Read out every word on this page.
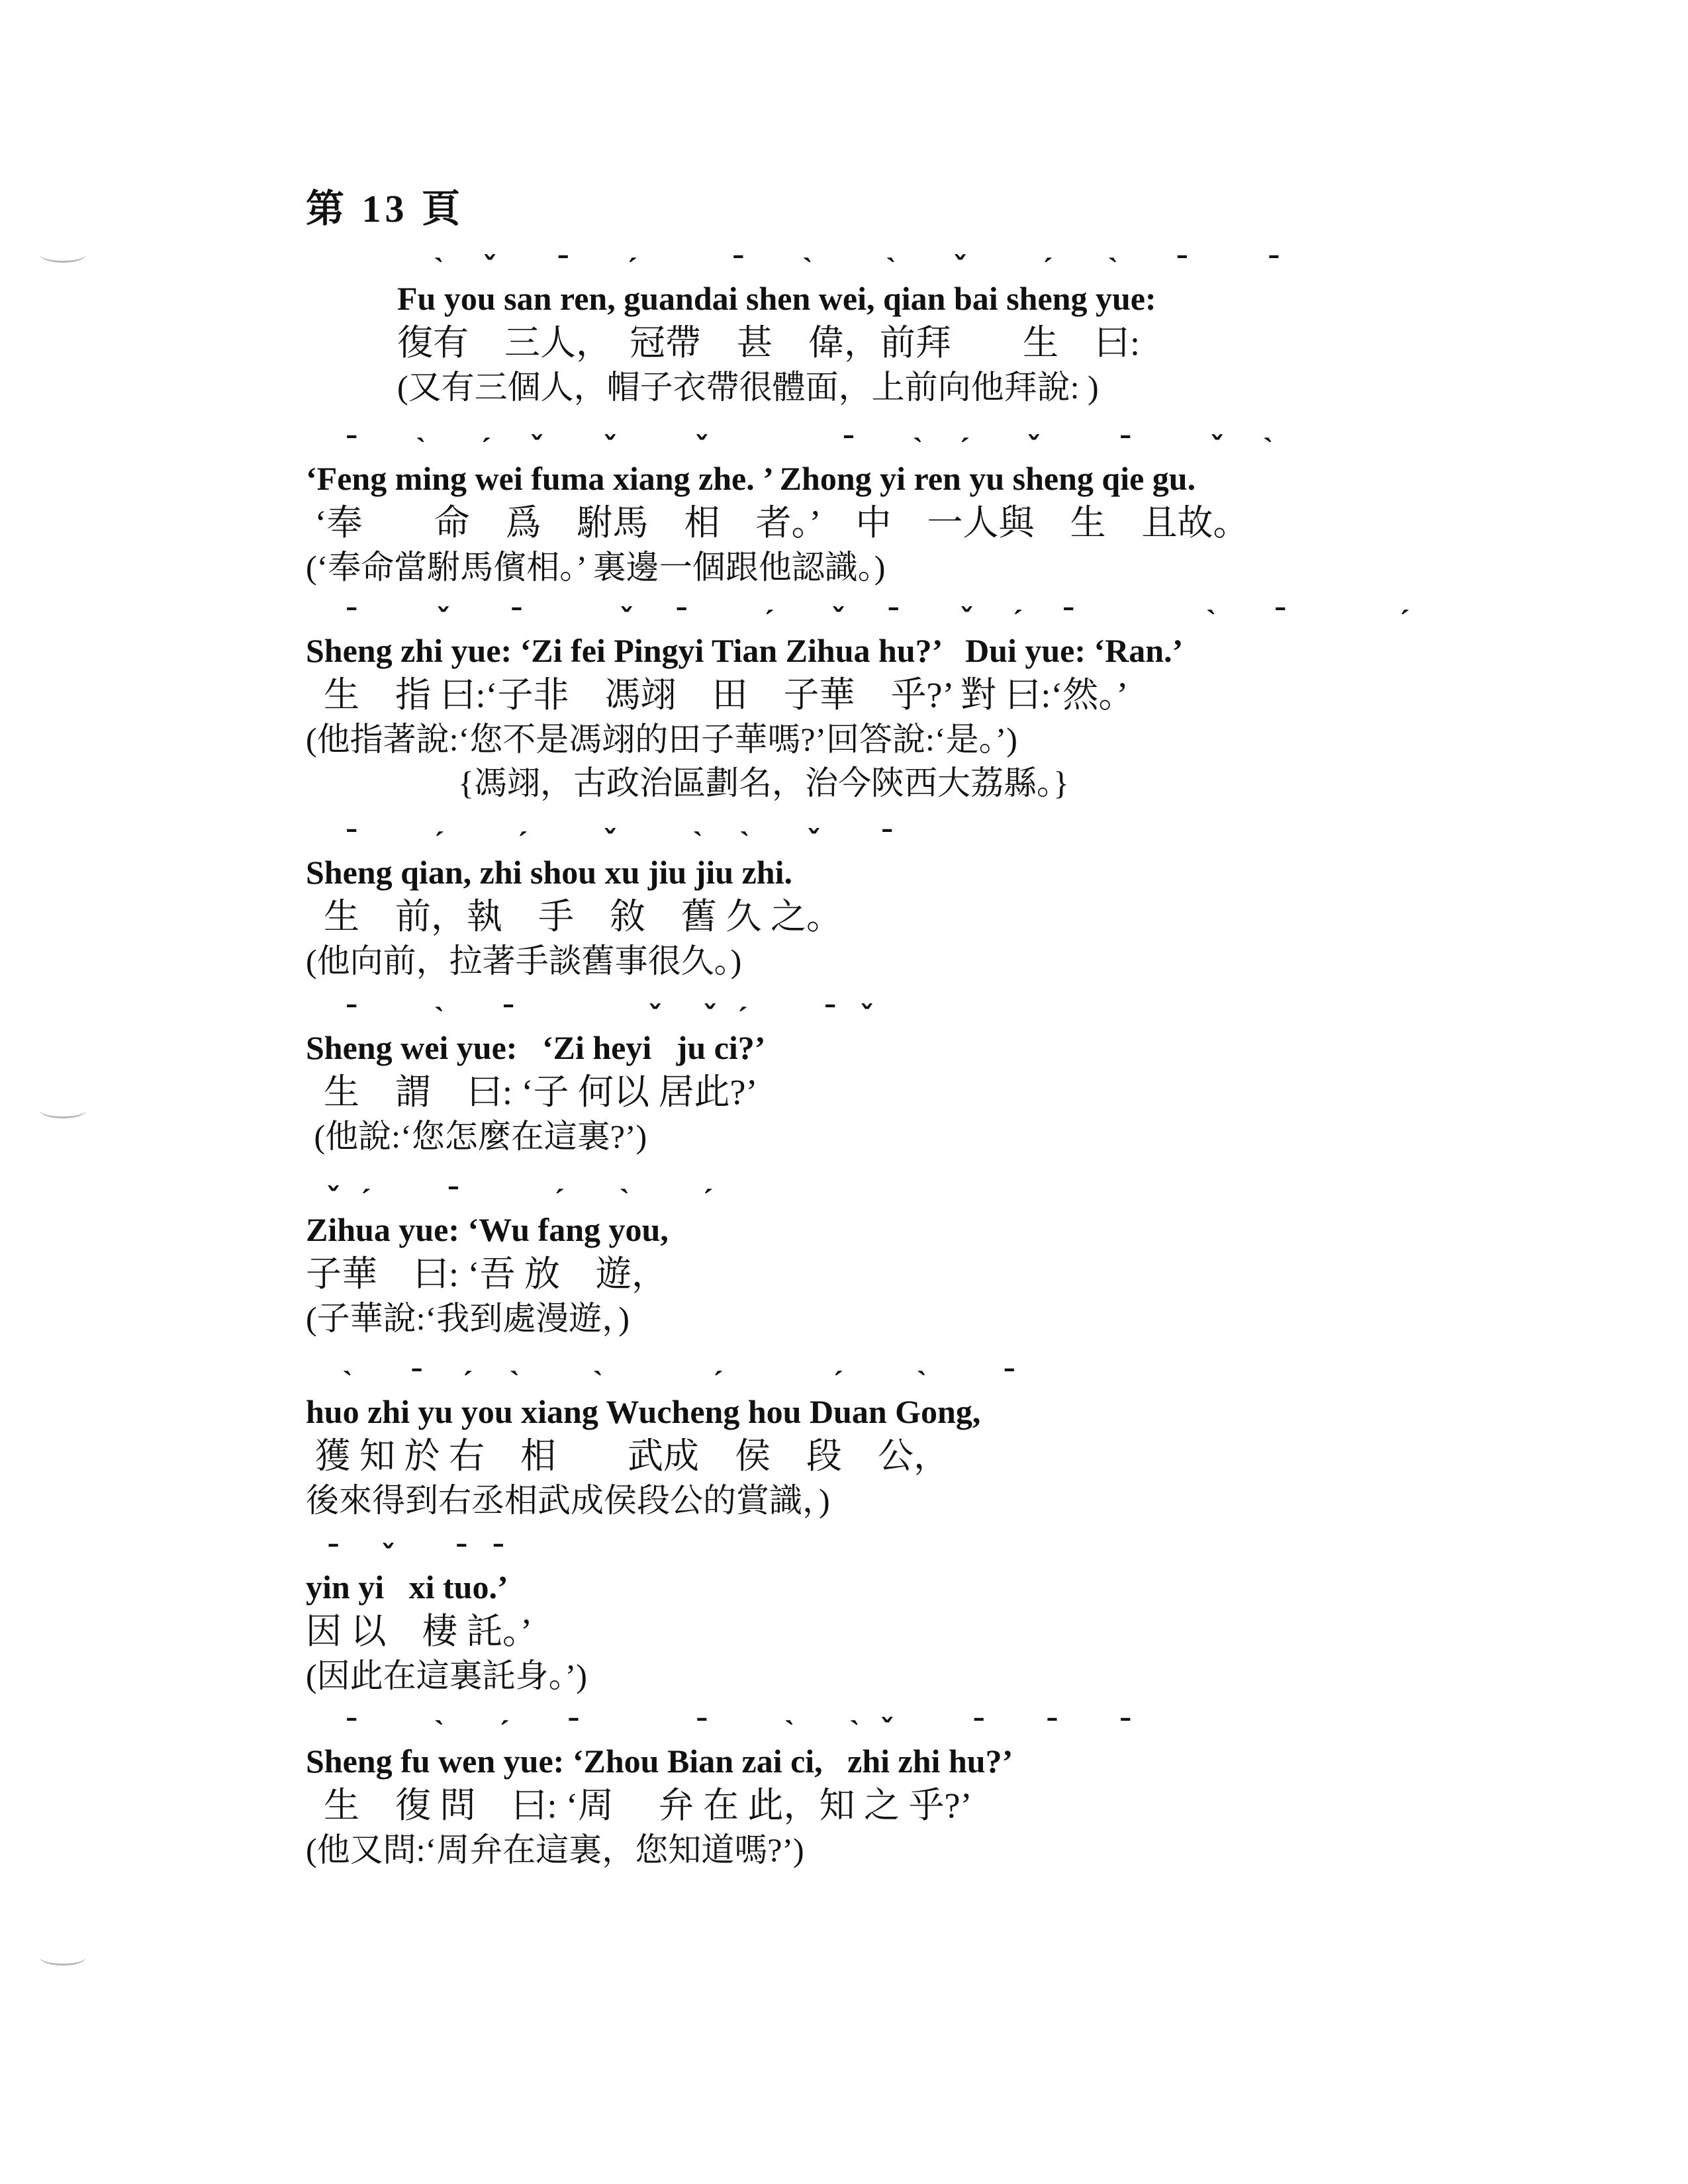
第 13 頁
ˋ  ˇ   ¯   ˊ     ¯   ˋ    ˋ   ˇ    ˊ   ˋ   ¯    ¯
Fu you san ren, guandai shen wei, qian bai sheng yue:
復有　三人，　冠帶　甚　偉，前拜　　生　曰:
(又有三個人，帽子衣帶很體面，上前向他拜說: )
¯   ˋ   ˊ  ˇ   ˇ    ˇ       ¯   ˋ  ˊ   ˇ    ¯    ˇ  ˋ
‘Feng ming wei fuma xiang zhe. ’ Zhong yi ren yu sheng qie gu.
‘奉　　命　爲　駙馬　相　者。’　中　一人與　生　且故。
(‘奉命當駙馬儐相。’ 裏邊一個跟他認識。)
¯    ˇ   ¯     ˇ  ¯    ˊ   ˇ  ¯   ˇ  ˊ  ¯       ˋ   ¯      ˊ
Sheng zhi yue: ‘Zi fei Pingyi Tian Zihua hu?’   Dui yue: ‘Ran.’
生　指 曰:‘子非　馮翊　田　子華　乎?’ 對 曰:‘然。’
(他指著說:‘您不是馮翊的田子華嗎?’回答說:‘是。’)
{馮翊，古政治區劃名，治今陝西大荔縣。}
¯    ˊ    ˊ    ˇ    ˋ  ˋ   ˇ   ¯
Sheng qian, zhi shou xu jiu jiu zhi.
生　前，執　手　敘　舊 久 之。
(他向前，拉著手談舊事很久。)
¯    ˋ   ¯       ˇ  ˇ ˊ    ¯ ˇ
Sheng wei yue:   ‘Zi heyi   ju ci?’
生　謂　曰: ‘子 何以 居此?’
(他說:‘您怎麼在這裏?’)
ˇ ˊ    ¯     ˊ   ˋ    ˊ
Zihua yue: ‘Wu fang you,
子華　曰: ‘吾 放　遊，
(子華說:‘我到處漫遊，)
ˋ   ¯  ˊ  ˋ    ˋ      ˊ      ˊ    ˋ    ¯
huo zhi yu you xiang Wucheng hou Duan Gong,
獲 知 於 右　相　　武成　侯　段　公，
後來得到右丞相武成侯段公的賞識，)
¯  ˇ   ¯ ¯
yin yi   xi tuo.’
因 以　棲 託。’
(因此在這裏託身。’)
¯    ˋ   ˊ   ¯      ¯    ˋ   ˋ ˇ    ¯   ¯   ¯
Sheng fu wen yue: ‘Zhou Bian zai ci,   zhi zhi hu?’
生　復 問　曰: ‘周　 弁 在 此，知 之 乎?’
(他又問:‘周弁在這裏，您知道嗎?’)
